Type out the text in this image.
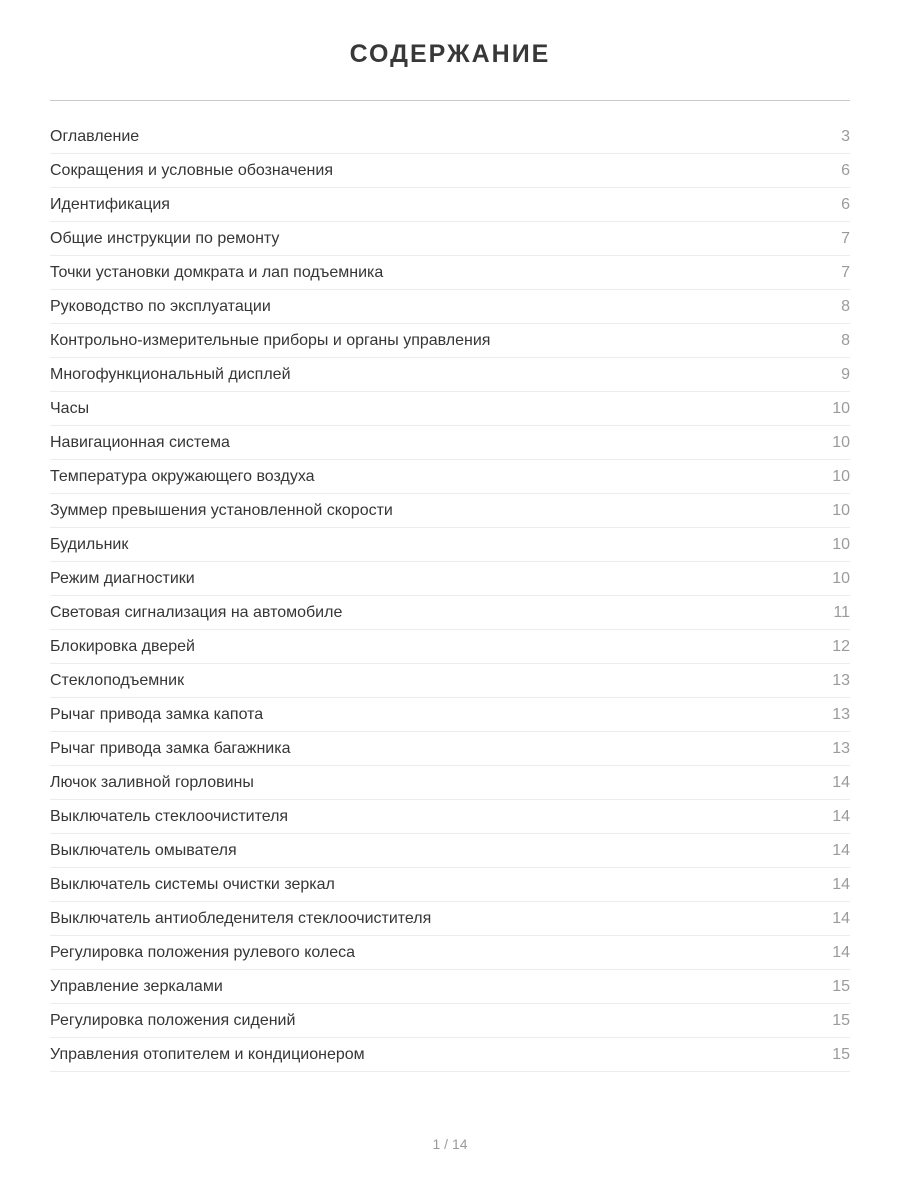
СОДЕРЖАНИЕ
Оглавление	3
Сокращения и условные обозначения	6
Идентификация	6
Общие инструкции по ремонту	7
Точки установки домкрата и лап подъемника	7
Руководство по эксплуатации	8
Контрольно-измерительные приборы и органы управления	8
Многофункциональный дисплей	9
Часы	10
Навигационная система	10
Температура окружающего воздуха	10
Зуммер превышения установленной скорости	10
Будильник	10
Режим диагностики	10
Световая сигнализация на автомобиле	11
Блокировка дверей	12
Стеклоподъемник	13
Рычаг привода замка капота	13
Рычаг привода замка багажника	13
Лючок заливной горловины	14
Выключатель стеклоочистителя	14
Выключатель омывателя	14
Выключатель системы очистки зеркал	14
Выключатель антиобледенителя стеклоочистителя	14
Регулировка положения рулевого колеса	14
Управление зеркалами	15
Регулировка положения сидений	15
Управления отопителем и кондиционером	15
1 / 14
